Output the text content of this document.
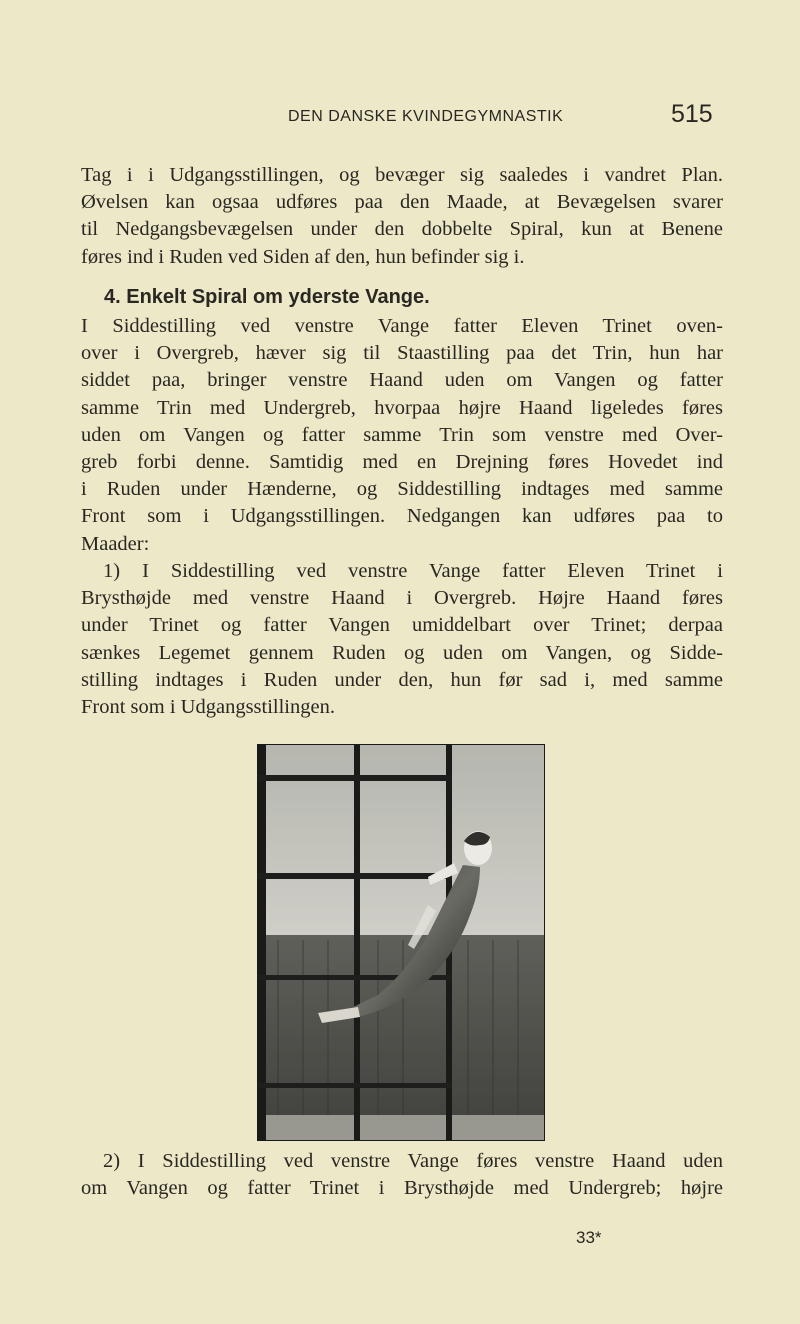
DEN DANSKE KVINDEGYMNASTIK	515
Tag i i Udgangsstillingen, og bevæger sig saaledes i vandret Plan.
Øvelsen kan ogsaa udføres paa den Maade, at Bevægelsen svarer
til Nedgangsbevægelsen under den dobbelte Spiral, kun at Benene
føres ind i Ruden ved Siden af den, hun befinder sig i.
4. Enkelt Spiral om yderste Vange.
I Siddestilling ved venstre Vange fatter Eleven Trinet oven-
over i Overgreb, hæver sig til Staastilling paa det Trin, hun har
siddet paa, bringer venstre Haand uden om Vangen og fatter
samme Trin med Undergreb, hvorpaa højre Haand ligeledes føres
uden om Vangen og fatter samme Trin som venstre med Over-
greb forbi denne. Samtidig med en Drejning føres Hovedet ind
i Ruden under Hænderne, og Siddestilling indtages med samme
Front som i Udgangsstillingen. Nedgangen kan udføres paa to
Maader:
1) I Siddestilling ved venstre Vange fatter Eleven Trinet i
Brysthøjde med venstre Haand i Overgreb. Højre Haand føres
under Trinet og fatter Vangen umiddelbart over Trinet; derpaa
sænkes Legemet gennem Ruden og uden om Vangen, og Sidde-
stilling indtages i Ruden under den, hun før sad i, med samme
Front som i Udgangsstillingen.
2) I Siddestilling ved venstre Vange føres venstre Haand uden
om Vangen og fatter Trinet i Brysthøjde med Undergreb; højre
33*
